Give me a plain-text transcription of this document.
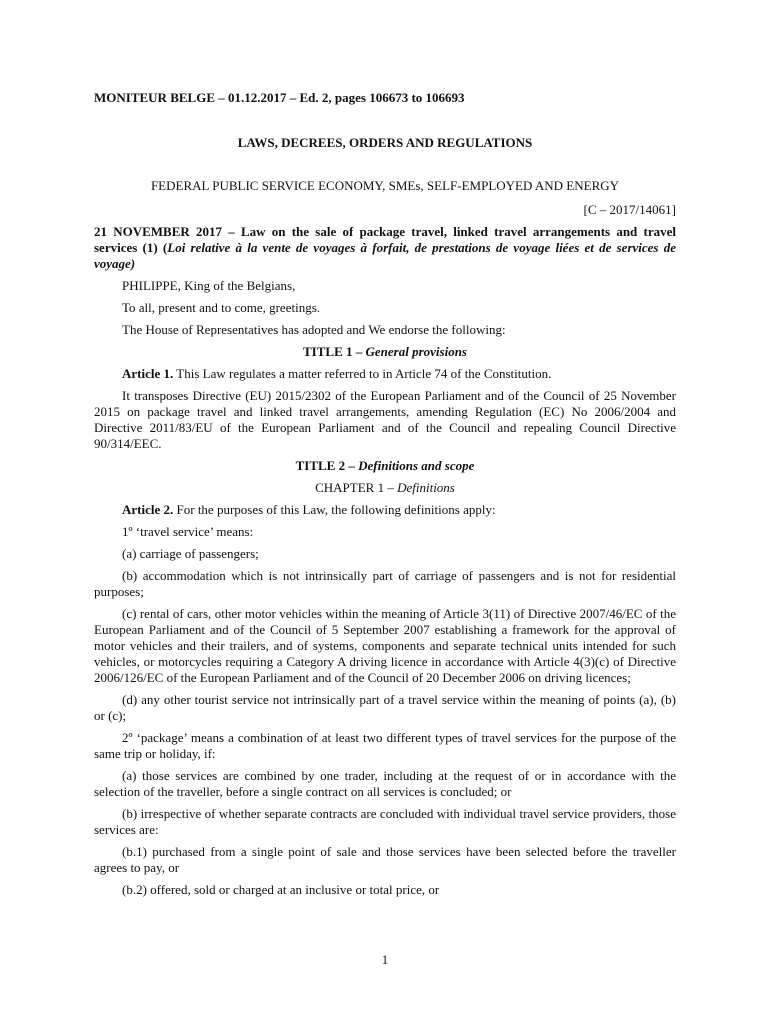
MONITEUR BELGE – 01.12.2017 – Ed. 2, pages 106673 to 106693
LAWS, DECREES, ORDERS AND REGULATIONS
FEDERAL PUBLIC SERVICE ECONOMY, SMEs, SELF-EMPLOYED AND ENERGY
[C – 2017/14061]
21 NOVEMBER 2017 – Law on the sale of package travel, linked travel arrangements and travel services (1) (Loi relative à la vente de voyages à forfait, de prestations de voyage liées et de services de voyage)

PHILIPPE, King of the Belgians,

To all, present and to come, greetings.

The House of Representatives has adopted and We endorse the following:

TITLE 1 – General provisions

Article 1. This Law regulates a matter referred to in Article 74 of the Constitution.

It transposes Directive (EU) 2015/2302 of the European Parliament and of the Council of 25 November 2015 on package travel and linked travel arrangements, amending Regulation (EC) No 2006/2004 and Directive 2011/83/EU of the European Parliament and of the Council and repealing Council Directive 90/314/EEC.

TITLE 2 – Definitions and scope
CHAPTER 1 – Definitions

Article 2. For the purposes of this Law, the following definitions apply:

1º ‘travel service’ means:

(a) carriage of passengers;

(b) accommodation which is not intrinsically part of carriage of passengers and is not for residential purposes;

(c) rental of cars, other motor vehicles within the meaning of Article 3(11) of Directive 2007/46/EC of the European Parliament and of the Council of 5 September 2007 establishing a framework for the approval of motor vehicles and their trailers, and of systems, components and separate technical units intended for such vehicles, or motorcycles requiring a Category A driving licence in accordance with Article 4(3)(c) of Directive 2006/126/EC of the European Parliament and of the Council of 20 December 2006 on driving licences;

(d) any other tourist service not intrinsically part of a travel service within the meaning of points (a), (b) or (c);

2º ‘package’ means a combination of at least two different types of travel services for the purpose of the same trip or holiday, if:

(a) those services are combined by one trader, including at the request of or in accordance with the selection of the traveller, before a single contract on all services is concluded; or

(b) irrespective of whether separate contracts are concluded with individual travel service providers, those services are:

(b.1) purchased from a single point of sale and those services have been selected before the traveller agrees to pay, or

(b.2) offered, sold or charged at an inclusive or total price, or

1
